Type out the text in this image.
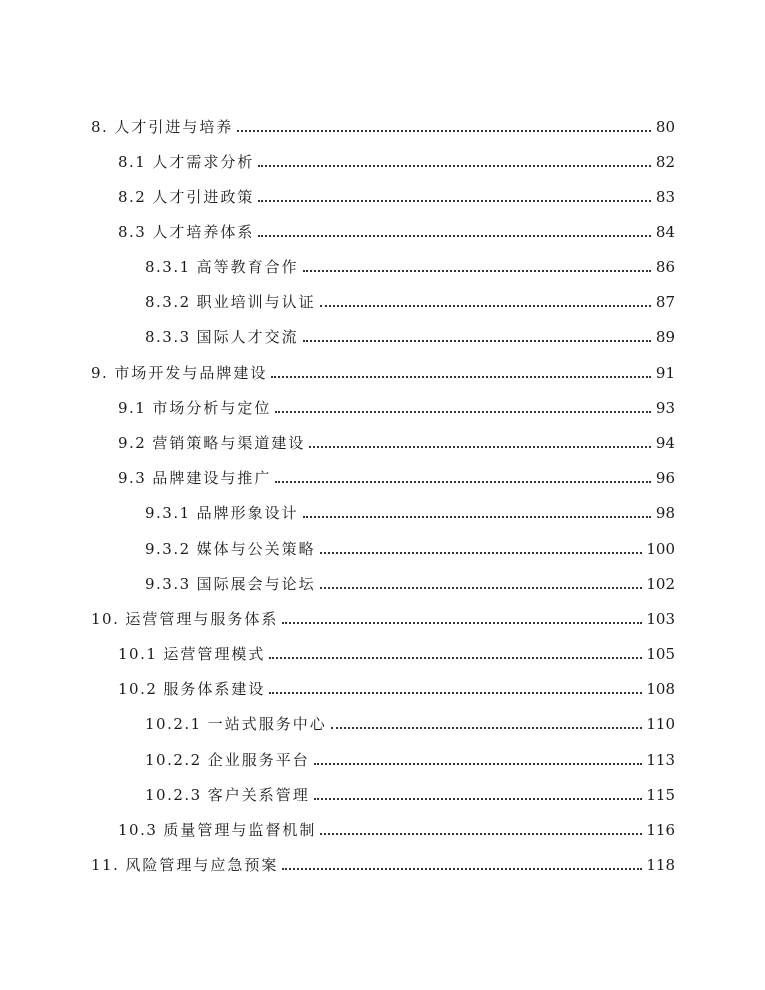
8. 人才引进与培养	80
8.1 人才需求分析	82
8.2 人才引进政策	83
8.3 人才培养体系	84
8.3.1 高等教育合作	86
8.3.2 职业培训与认证	87
8.3.3 国际人才交流	89
9. 市场开发与品牌建设	91
9.1 市场分析与定位	93
9.2 营销策略与渠道建设	94
9.3 品牌建设与推广	96
9.3.1 品牌形象设计	98
9.3.2 媒体与公关策略	100
9.3.3 国际展会与论坛	102
10. 运营管理与服务体系	103
10.1 运营管理模式	105
10.2 服务体系建设	108
10.2.1 一站式服务中心	110
10.2.2 企业服务平台	113
10.2.3 客户关系管理	115
10.3 质量管理与监督机制	116
11. 风险管理与应急预案	118
